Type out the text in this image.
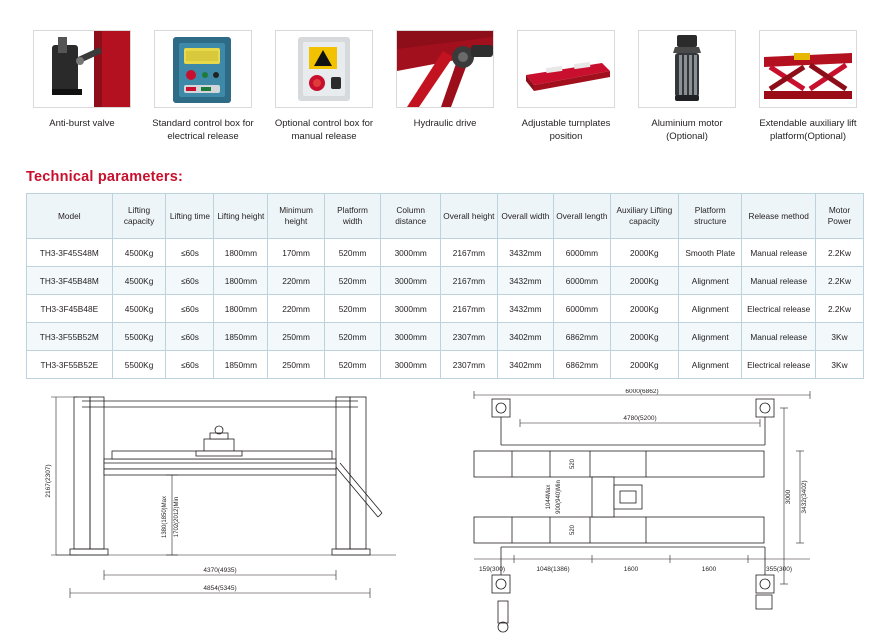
Anti-burst valve	Standard control box for electrical release
Optional control box for manual release
Hydraulic drive	Adjustable turnplates position
Aluminium motor (Optional)
Extendable auxiliary lift platform(Optional)
Technical parameters:
Model	Lifting capacity	Lifting time	Lifting height	Minimum height	Platform width	Column distance	Overall height	Overall width	Overall length	Auxiliary Lifting capacity	Platform structure	Release method	Motor Power
TH3-3F45S48M	4500Kg	≤60s	1800mm	170mm	520mm	3000mm	2167mm	3432mm	6000mm	2000Kg	Smooth Plate	Manual release	2.2Kw
TH3-3F45B48M	4500Kg	≤60s	1800mm	220mm	520mm	3000mm	2167mm	3432mm	6000mm	2000Kg	Alignment	Manual release	2.2Kw
TH3-3F45B48E	4500Kg	≤60s	1800mm	220mm	520mm	3000mm	2167mm	3432mm	6000mm	2000Kg	Alignment	Electrical release	2.2Kw
TH3-3F55B52M	5500Kg	≤60s	1850mm	250mm	520mm	3000mm	2307mm	3402mm	6862mm	2000Kg	Alignment	Manual release	3Kw
TH3-3F55B52E	5500Kg	≤60s	1850mm	250mm	520mm	3000mm	2307mm	3402mm	6862mm	2000Kg	Alignment	Electrical release	3Kw
2167(2307)
1380(1850)Max 1702(2012)Min
4370(4935)
4854(5345)
6000(6862)
4780(5200)
520
520
1044Max 900(940)Min	3432(3402)
3000
159(300)	1048(1386)	1600	1600	355(300)
